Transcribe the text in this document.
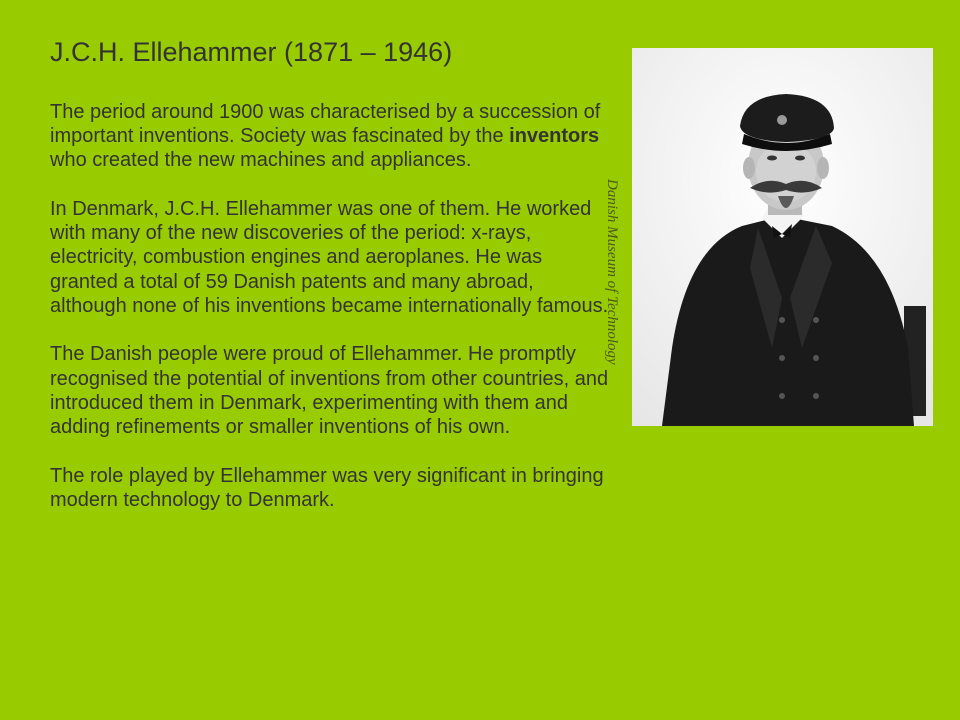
J.C.H. Ellehammer (1871 – 1946)

The period around 1900 was characterised by a succession of important inventions. Society was fascinated by the inventors who created the new machines and appliances.

In Denmark, J.C.H. Ellehammer was one of them. He worked with many of the new discoveries of the period: x-rays, electricity, combustion engines and aeroplanes. He was granted a total of 59 Danish patents and many abroad, although none of his inventions became internationally famous.

The Danish people were proud of Ellehammer. He promptly recognised the potential of inventions from other countries, and introduced them in Denmark, experimenting with them and adding refinements or smaller inventions of his own.

The role played by Ellehammer was very significant in bringing modern technology to Denmark.

Danish Museum of Technology
